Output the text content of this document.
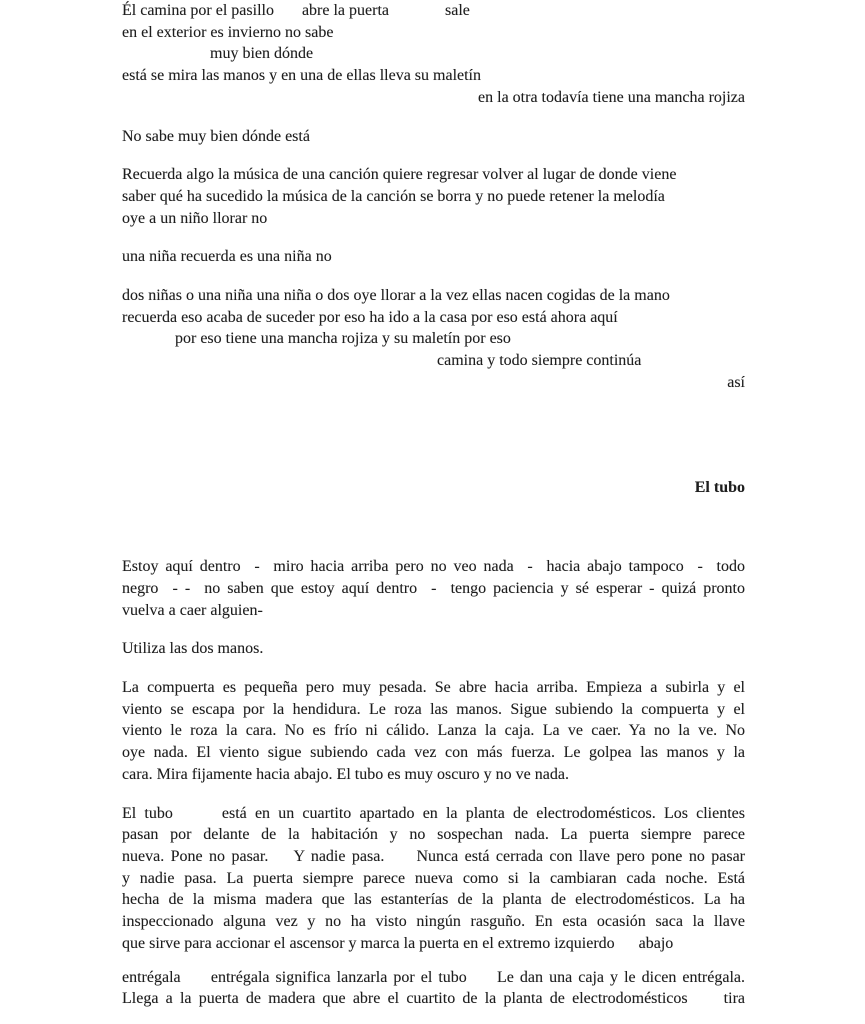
Él camina por el pasillo       abre la puerta              sale
en el exterior es invierno no sabe
muy bien dónde
está se mira las manos y en una de ellas lleva su maletín
en la otra todavía tiene una mancha rojiza
No sabe muy bien dónde está
Recuerda algo la música de una canción quiere regresar volver al lugar de donde viene
saber qué ha sucedido la música de la canción se borra y no puede retener la melodía
oye a un niño llorar no
una niña recuerda es una niña no
dos niñas o una niña una niña o dos oye llorar a la vez ellas nacen cogidas de la mano
recuerda eso acaba de suceder por eso ha ido a la casa por eso está ahora aquí
por eso tiene una mancha rojiza y su maletín por eso
camina y todo siempre continúa
así
El tubo
Estoy aquí dentro  -  miro hacia arriba pero no veo nada  -  hacia abajo tampoco  -  todo
negro  - -  no saben que estoy aquí dentro  -  tengo paciencia y sé esperar - quizá pronto
vuelva a caer alguien-
Utiliza las dos manos.
La compuerta es pequeña pero muy pesada. Se abre hacia arriba. Empieza a subirla y el
viento se escapa por la hendidura. Le roza las manos. Sigue subiendo la compuerta y el
viento le roza la cara. No es frío ni cálido. Lanza la caja. La ve caer. Ya no la ve. No
oye nada. El viento sigue subiendo cada vez con más fuerza. Le golpea las manos y la
cara. Mira fijamente hacia abajo. El tubo es muy oscuro y no ve nada.
El tubo      está en un cuartito apartado en la planta de electrodomésticos. Los clientes
pasan por delante de la habitación y no sospechan nada. La puerta siempre parece
nueva. Pone no pasar.    Y nadie pasa.     Nunca está cerrada con llave pero pone no pasar
y nadie pasa. La puerta siempre parece nueva como si la cambiaran cada noche. Está
hecha de la misma madera que las estanterías de la planta de electrodomésticos. La ha
inspeccionado alguna vez y no ha visto ningún rasguño. En esta ocasión saca la llave
que sirve para accionar el ascensor y marca la puerta en el extremo izquierdo      abajo
entrégala     entrégala significa lanzarla por el tubo     Le dan una caja y le dicen entrégala.
Llega a la puerta de madera que abre el cuartito de la planta de electrodomésticos     tira
